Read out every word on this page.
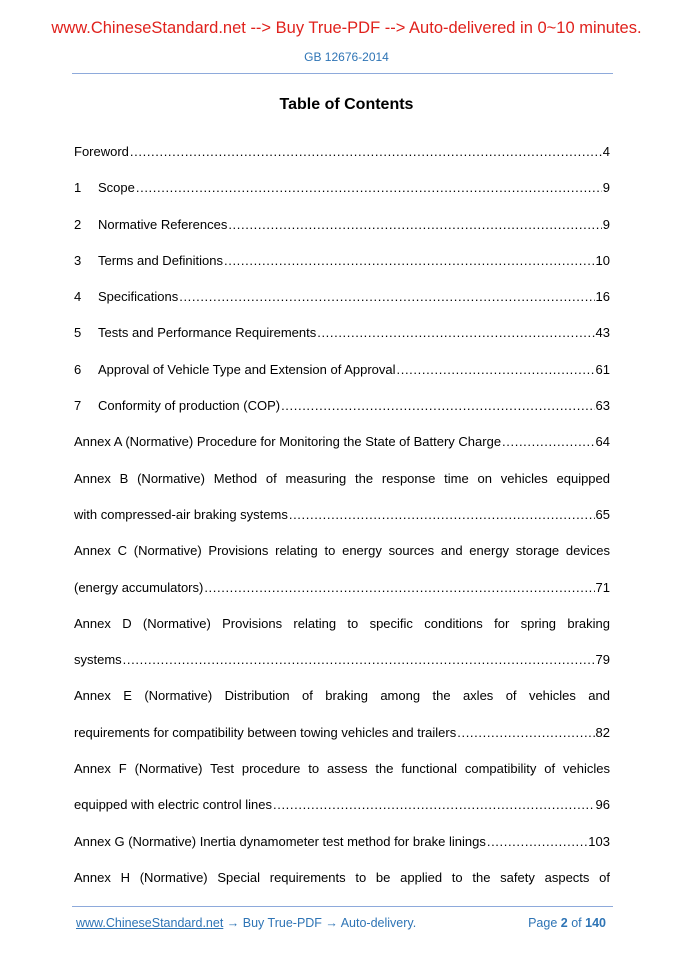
www.ChineseStandard.net --> Buy True-PDF --> Auto-delivered in 0~10 minutes.
GB 12676-2014
Table of Contents
Foreword . . .	4
1	Scope . . .	9
2	Normative References . . .	9
3	Terms and Definitions . . .	10
4	Specifications . . .	16
5	Tests and Performance Requirements . . .	43
6	Approval of Vehicle Type and Extension of Approval . . .	61
7	Conformity of production (COP) . . .	63
Annex A (Normative) Procedure for Monitoring the State of Battery Charge . . .	64
Annex B (Normative) Method of measuring the response time on vehicles equipped
with compressed-air braking systems . . .	65
Annex C (Normative) Provisions relating to energy sources and energy storage devices
(energy accumulators) . . .	71
Annex D (Normative) Provisions relating to specific conditions for spring braking
systems . . .	79
Annex E (Normative) Distribution of braking among the axles of vehicles and
requirements for compatibility between towing vehicles and trailers . . .	82
Annex F (Normative) Test procedure to assess the functional compatibility of vehicles
equipped with electric control lines . . .	96
Annex G (Normative) Inertia dynamometer test method for brake linings . . .	103
Annex H (Normative) Special requirements to be applied to the safety aspects of
www.ChineseStandard.net → Buy True-PDF → Auto-delivery.	Page 2 of 140
